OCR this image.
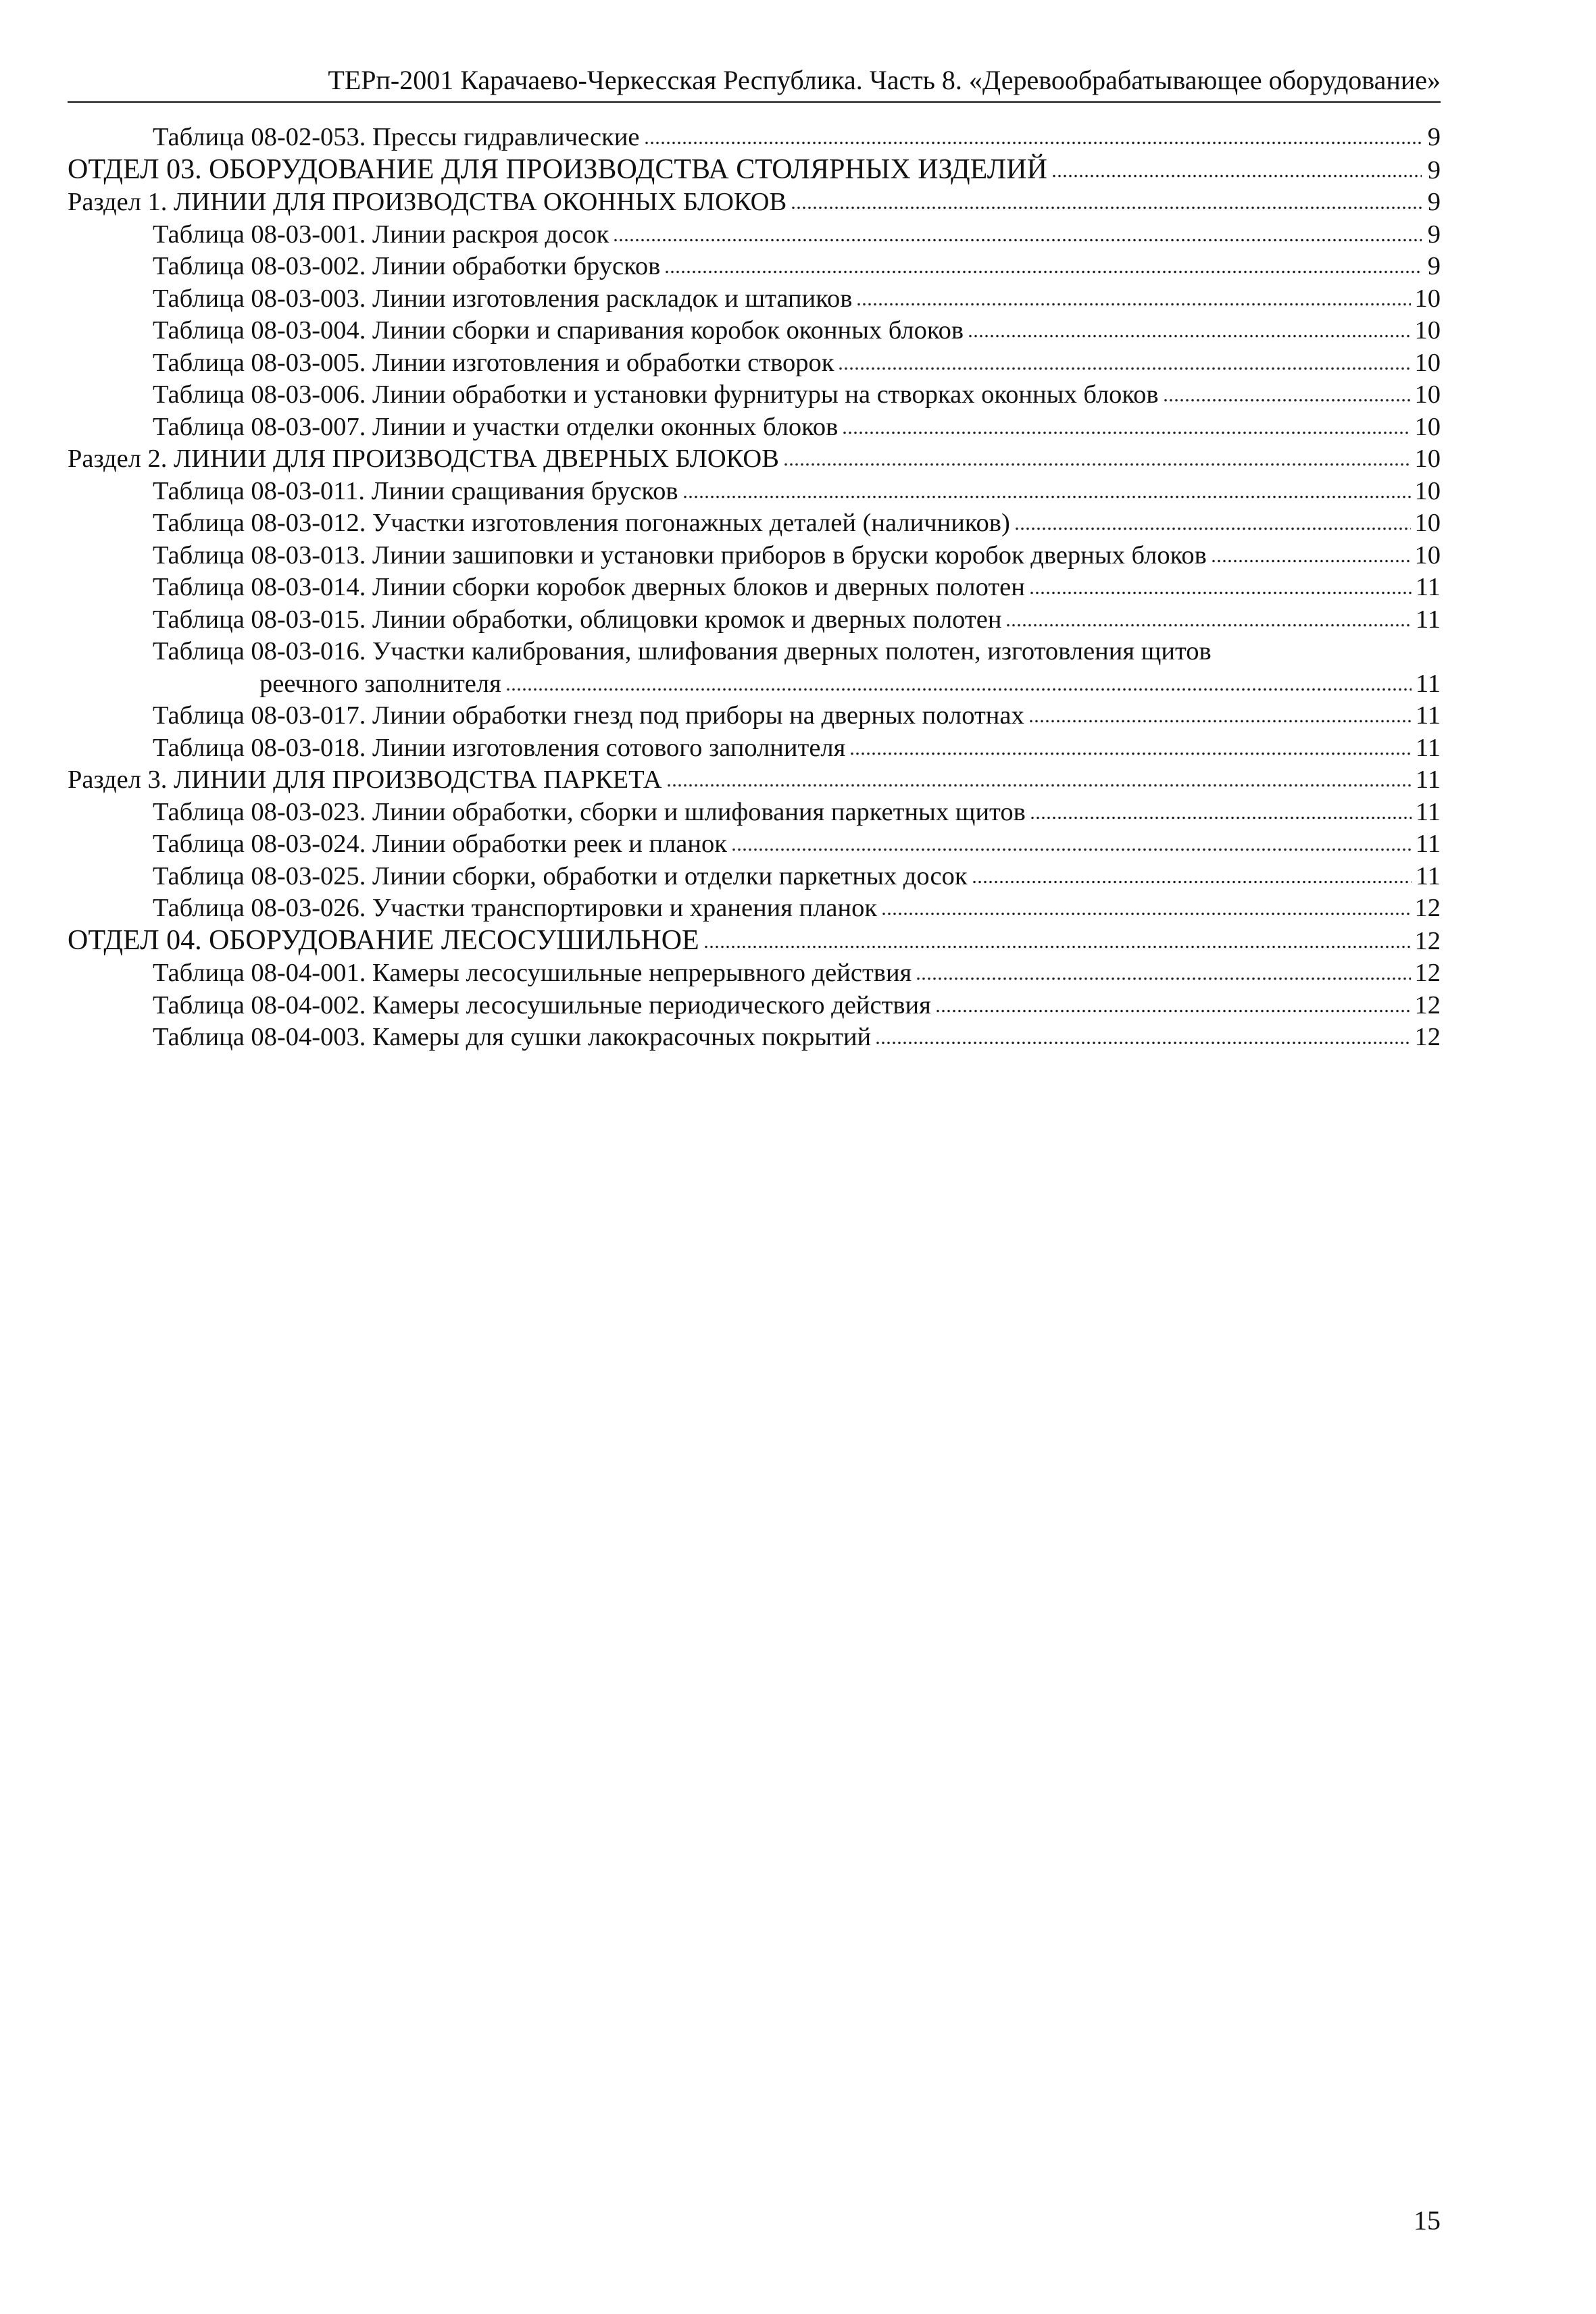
ТЕРп-2001 Карачаево-Черкесская Республика. Часть 8. «Деревообрабатывающее оборудование»
Таблица 08-02-053. Прессы гидравлические	9
ОТДЕЛ 03. ОБОРУДОВАНИЕ ДЛЯ ПРОИЗВОДСТВА СТОЛЯРНЫХ ИЗДЕЛИЙ	9
Раздел 1. ЛИНИИ ДЛЯ ПРОИЗВОДСТВА ОКОННЫХ БЛОКОВ	9
Таблица 08-03-001. Линии раскроя досок	9
Таблица 08-03-002. Линии обработки брусков	9
Таблица 08-03-003. Линии изготовления раскладок и штапиков	10
Таблица 08-03-004. Линии сборки и спаривания коробок оконных блоков	10
Таблица 08-03-005. Линии изготовления и обработки створок	10
Таблица 08-03-006. Линии обработки и установки фурнитуры на створках оконных блоков	10
Таблица 08-03-007. Линии и участки отделки оконных блоков	10
Раздел 2. ЛИНИИ ДЛЯ ПРОИЗВОДСТВА ДВЕРНЫХ БЛОКОВ	10
Таблица 08-03-011. Линии сращивания брусков	10
Таблица 08-03-012. Участки изготовления погонажных деталей (наличников)	10
Таблица 08-03-013. Линии зашиповки и установки приборов в бруски коробок дверных блоков	10
Таблица 08-03-014. Линии сборки коробок дверных блоков и дверных полотен	11
Таблица 08-03-015. Линии обработки, облицовки кромок и дверных полотен	11
Таблица 08-03-016. Участки калибрования, шлифования дверных полотен, изготовления щитов
реечного заполнителя	11
Таблица 08-03-017. Линии обработки гнезд под приборы на дверных полотнах	11
Таблица 08-03-018. Линии изготовления сотового заполнителя	11
Раздел 3. ЛИНИИ ДЛЯ ПРОИЗВОДСТВА ПАРКЕТА	11
Таблица 08-03-023. Линии обработки, сборки и шлифования паркетных щитов	11
Таблица 08-03-024. Линии обработки реек и планок	11
Таблица 08-03-025. Линии сборки, обработки и отделки паркетных досок	11
Таблица 08-03-026. Участки транспортировки и хранения планок	12
ОТДЕЛ 04. ОБОРУДОВАНИЕ ЛЕСОСУШИЛЬНОЕ	12
Таблица 08-04-001. Камеры лесосушильные непрерывного действия	12
Таблица 08-04-002. Камеры лесосушильные периодического действия	12
Таблица 08-04-003. Камеры для сушки лакокрасочных покрытий	12
15
